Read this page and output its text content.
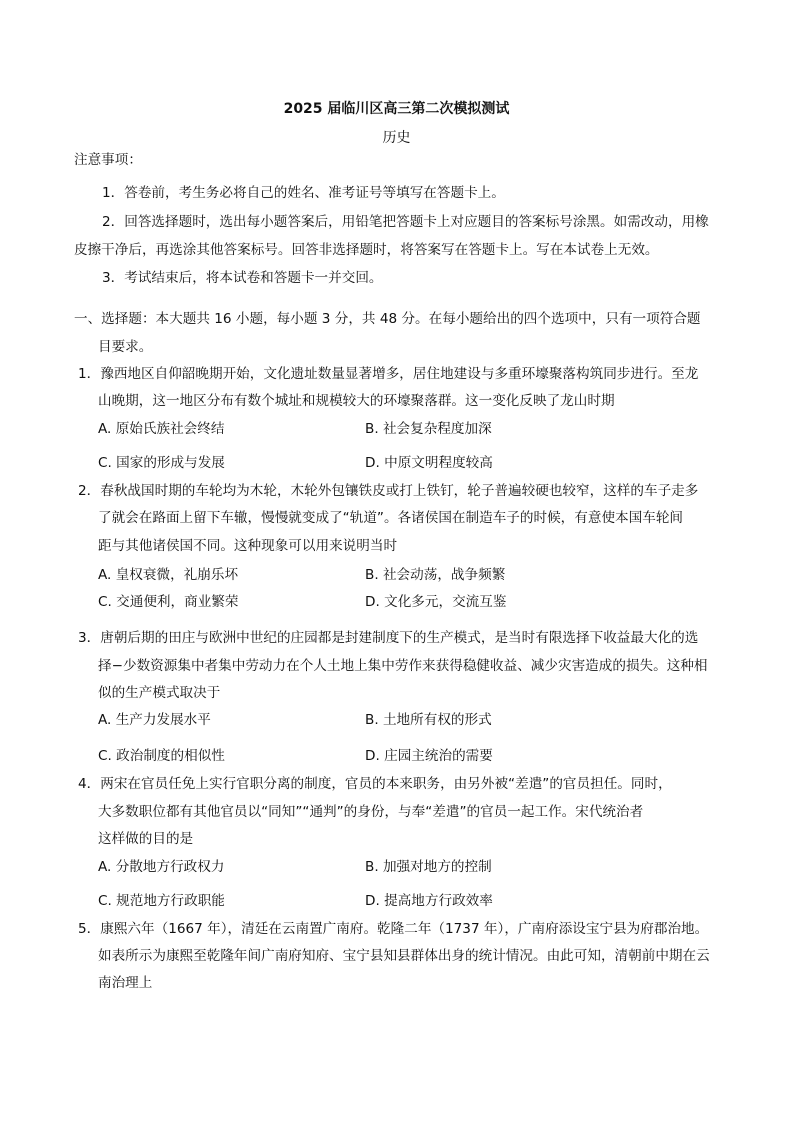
2025 届临川区高三第二次模拟测试
历史
注意事项：
1．答卷前，考生务必将自己的姓名、准考证号等填写在答题卡上。
2．回答选择题时，选出每小题答案后，用铅笔把答题卡上对应题目的答案标号涂黑。如需改动，用橡
皮擦干净后，再选涂其他答案标号。回答非选择题时，将答案写在答题卡上。写在本试卷上无效。
3．考试结束后，将本试卷和答题卡一并交回。
一、选择题：本大题共 16 小题，每小题 3 分，共 48 分。在每小题给出的四个选项中，只有一项符合题
目要求。
1．豫西地区自仰韶晚期开始，文化遗址数量显著增多，居住地建设与多重环壕聚落构筑同步进行。至龙
山晚期，这一地区分布有数个城址和规模较大的环壕聚落群。这一变化反映了龙山时期
A. 原始氏族社会终结	B. 社会复杂程度加深
C. 国家的形成与发展	D. 中原文明程度较高
2．春秋战国时期的车轮均为木轮，木轮外包镶铁皮或打上铁钉，轮子普遍较硬也较窄，这样的车子走多
了就会在路面上留下车辙，慢慢就变成了“轨道”。各诸侯国在制造车子的时候，有意使本国车轮间
距与其他诸侯国不同。这种现象可以用来说明当时
A. 皇权衰微，礼崩乐坏	B. 社会动荡，战争频繁
C. 交通便利，商业繁荣	D. 文化多元，交流互鉴
3．唐朝后期的田庄与欧洲中世纪的庄园都是封建制度下的生产模式，是当时有限选择下收益最大化的选
择−少数资源集中者集中劳动力在个人土地上集中劳作来获得稳健收益、减少灾害造成的损失。这种相
似的生产模式取决于
A. 生产力发展水平	B. 土地所有权的形式
C. 政治制度的相似性	D. 庄园主统治的需要
4．两宋在官员任免上实行官职分离的制度，官员的本来职务，由另外被“差遣”的官员担任。同时，
大多数职位都有其他官员以“同知”“通判”的身份，与奉“差遣”的官员一起工作。宋代统治者
这样做的目的是
A. 分散地方行政权力	B. 加强对地方的控制
C. 规范地方行政职能	D. 提高地方行政效率
5．康熙六年（1667 年），清廷在云南置广南府。乾隆二年（1737 年），广南府添设宝宁县为府郡治地。
如表所示为康熙至乾隆年间广南府知府、宝宁县知县群体出身的统计情况。由此可知，清朝前中期在云
南治理上
